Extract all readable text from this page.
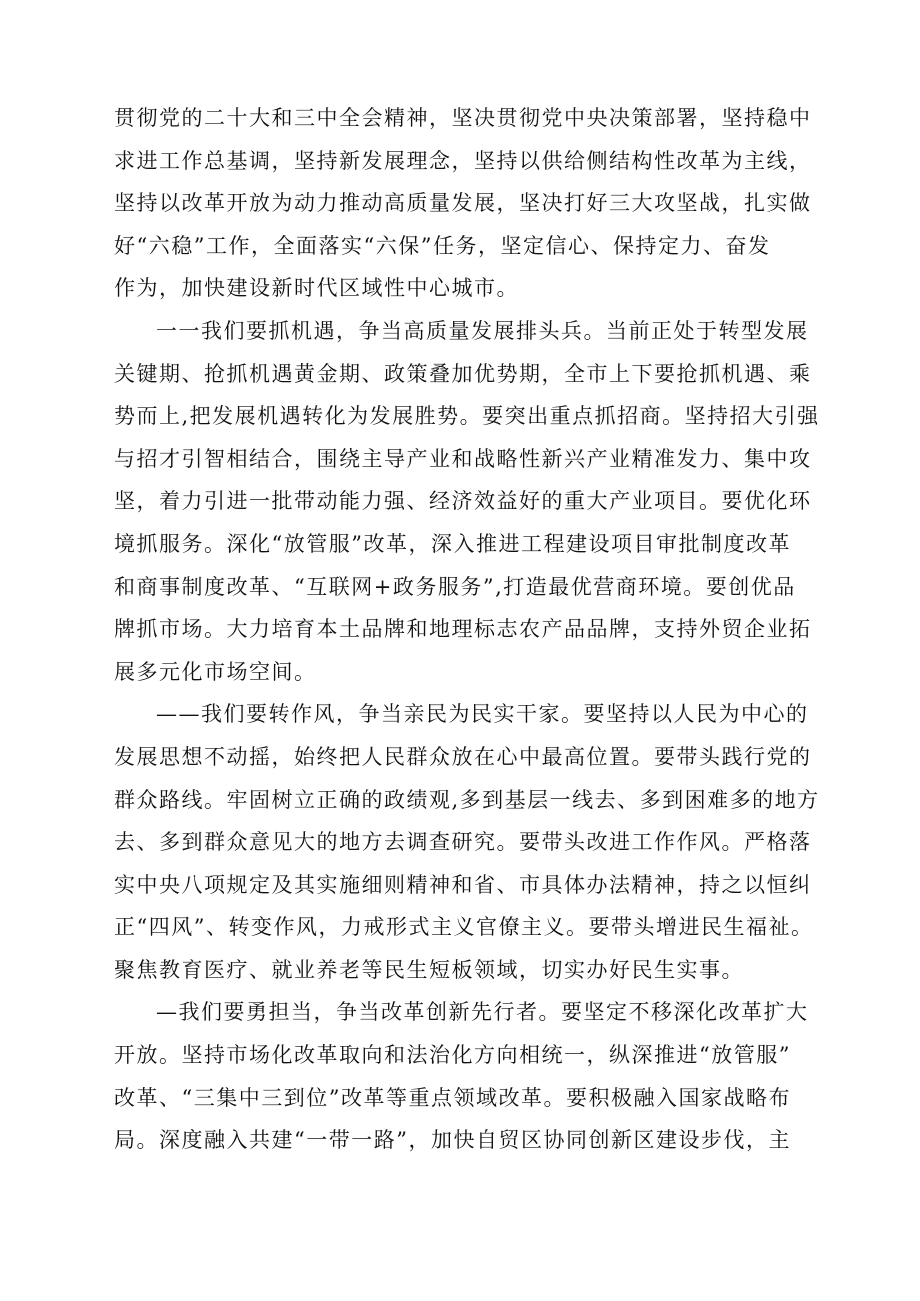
贯彻党的二十大和三中全会精神，坚决贯彻党中央决策部署，坚持稳中
求进工作总基调，坚持新发展理念，坚持以供给侧结构性改革为主线，
坚持以改革开放为动力推动高质量发展，坚决打好三大攻坚战，扎实做
好“六稳”工作，全面落实“六保”任务，坚定信心、保持定力、奋发
作为，加快建设新时代区域性中心城市。
一一我们要抓机遇，争当高质量发展排头兵。当前正处于转型发展
关键期、抢抓机遇黄金期、政策叠加优势期，全市上下要抢抓机遇、乘
势而上,把发展机遇转化为发展胜势。要突出重点抓招商。坚持招大引强
与招才引智相结合，围绕主导产业和战略性新兴产业精准发力、集中攻
坚，着力引进一批带动能力强、经济效益好的重大产业项目。要优化环
境抓服务。深化“放管服”改革，深入推进工程建设项目审批制度改革
和商事制度改革、“互联网+政务服务”,打造最优营商环境。要创优品
牌抓市场。大力培育本土品牌和地理标志农产品品牌，支持外贸企业拓
展多元化市场空间。
——我们要转作风，争当亲民为民实干家。要坚持以人民为中心的
发展思想不动摇，始终把人民群众放在心中最高位置。要带头践行党的
群众路线。牢固树立正确的政绩观,多到基层一线去、多到困难多的地方
去、多到群众意见大的地方去调查研究。要带头改进工作作风。严格落
实中央八项规定及其实施细则精神和省、市具体办法精神，持之以恒纠
正“四风”、转变作风，力戒形式主义官僚主义。要带头增进民生福祉。
聚焦教育医疗、就业养老等民生短板领域，切实办好民生实事。
—我们要勇担当，争当改革创新先行者。要坚定不移深化改革扩大
开放。坚持市场化改革取向和法治化方向相统一，纵深推进“放管服”
改革、“三集中三到位”改革等重点领域改革。要积极融入国家战略布
局。深度融入共建“一带一路”，加快自贸区协同创新区建设步伐，主
